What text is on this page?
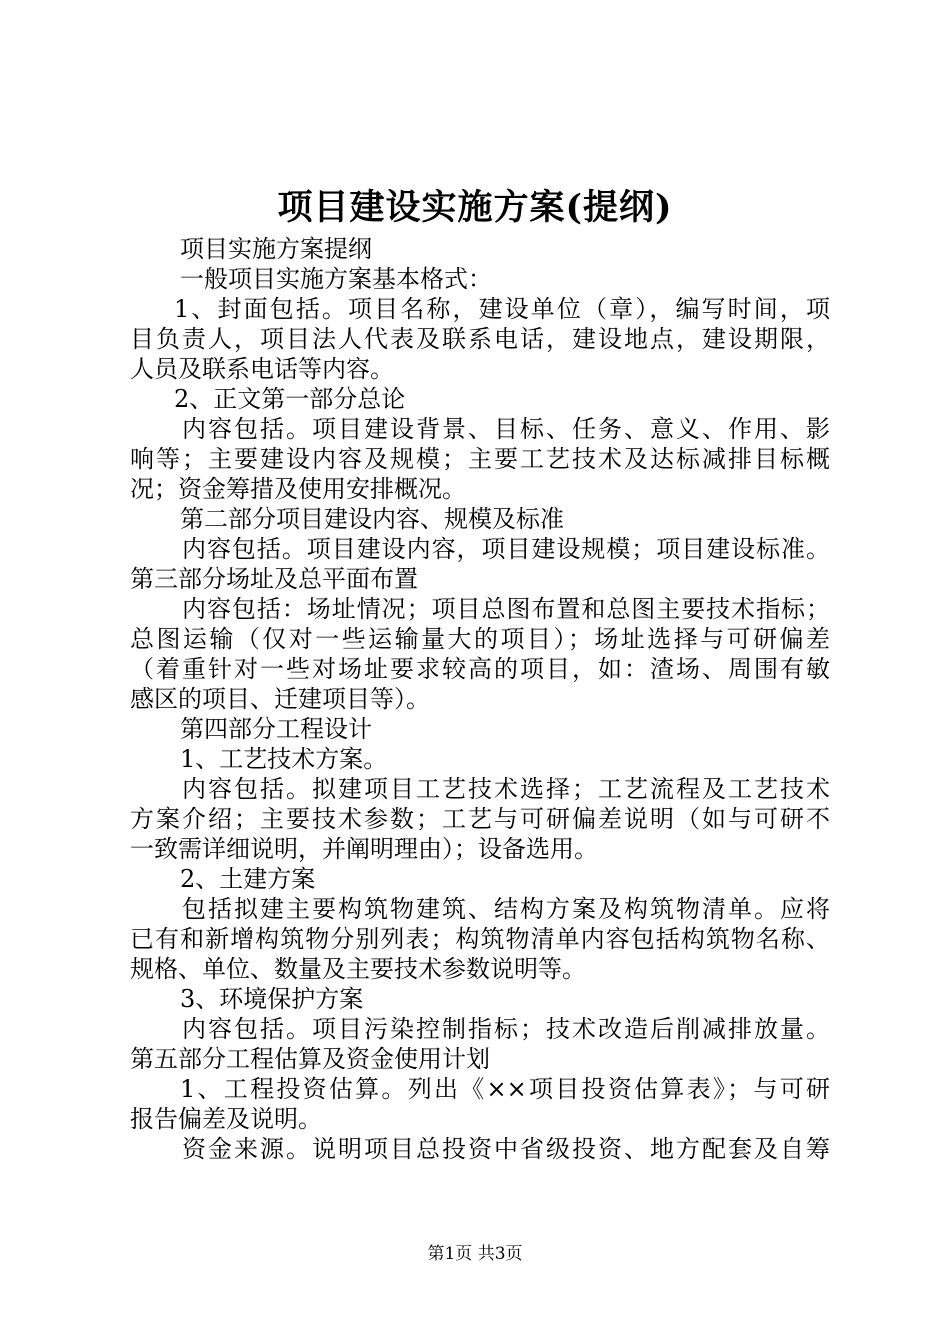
项目建设实施方案(提纲)
项目实施方案提纲
一般项目实施方案基本格式：
1、封面包括。项目名称，建设单位（章），编写时间，项
目负责人，项目法人代表及联系电话，建设地点，建设期限，
人员及联系电话等内容。
2、正文第一部分总论
内容包括。项目建设背景、目标、任务、意义、作用、影
响等；主要建设内容及规模；主要工艺技术及达标减排目标概
况；资金筹措及使用安排概况。
第二部分项目建设内容、规模及标准
内容包括。项目建设内容，项目建设规模；项目建设标准。
第三部分场址及总平面布置
内容包括：场址情况；项目总图布置和总图主要技术指标；
总图运输（仅对一些运输量大的项目）；场址选择与可研偏差
（着重针对一些对场址要求较高的项目，如：渣场、周围有敏
感区的项目、迁建项目等）。
第四部分工程设计
1、工艺技术方案。
内容包括。拟建项目工艺技术选择；工艺流程及工艺技术
方案介绍；主要技术参数；工艺与可研偏差说明（如与可研不
一致需详细说明，并阐明理由）；设备选用。
2、土建方案
包括拟建主要构筑物建筑、结构方案及构筑物清单。应将
已有和新增构筑物分别列表；构筑物清单内容包括构筑物名称、
规格、单位、数量及主要技术参数说明等。
3、环境保护方案
内容包括。项目污染控制指标；技术改造后削减排放量。
第五部分工程估算及资金使用计划
1、工程投资估算。列出《××项目投资估算表》；与可研
报告偏差及说明。
资金来源。说明项目总投资中省级投资、地方配套及自筹
第1页 共3页
